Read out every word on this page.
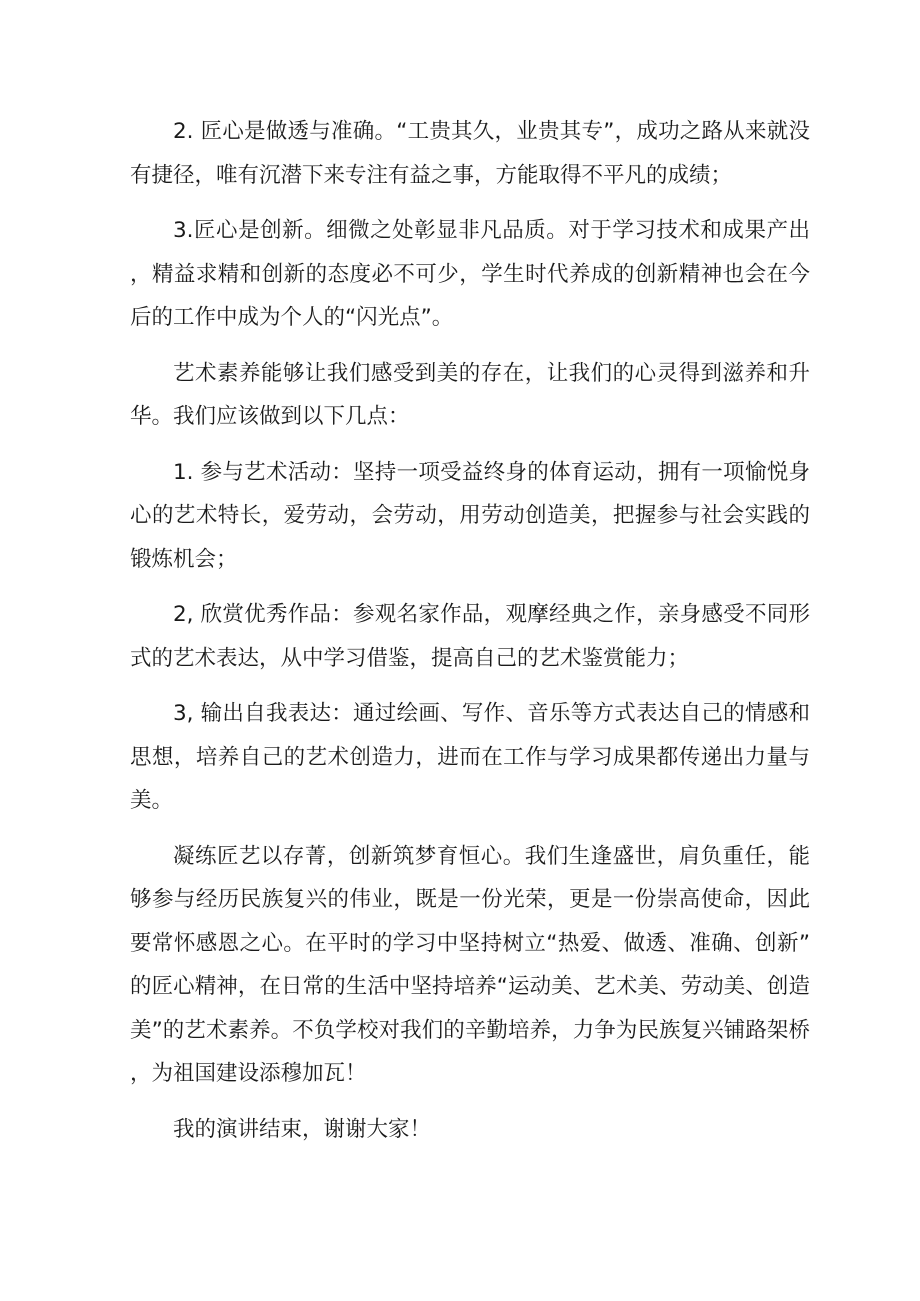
2. 匠心是做透与准确。“工贵其久，业贵其专”，成功之路从来就没有捷径，唯有沉潜下来专注有益之事，方能取得不平凡的成绩；

3.匠心是创新。细微之处彰显非凡品质。对于学习技术和成果产出，精益求精和创新的态度必不可少，学生时代养成的创新精神也会在今后的工作中成为个人的“闪光点”。

艺术素养能够让我们感受到美的存在，让我们的心灵得到滋养和升华。我们应该做到以下几点：

1. 参与艺术活动：坚持一项受益终身的体育运动，拥有一项愉悦身心的艺术特长，爱劳动，会劳动，用劳动创造美，把握参与社会实践的锻炼机会；

2, 欣赏优秀作品：参观名家作品，观摩经典之作，亲身感受不同形式的艺术表达，从中学习借鉴，提高自己的艺术鉴赏能力；

3, 输出自我表达：通过绘画、写作、音乐等方式表达自己的情感和思想，培养自己的艺术创造力，进而在工作与学习成果都传递出力量与美。

凝练匠艺以存菁，创新筑梦育恒心。我们生逢盛世，肩负重任，能够参与经历民族复兴的伟业，既是一份光荣，更是一份崇高使命，因此要常怀感恩之心。在平时的学习中坚持树立“热爱、做透、准确、创新”的匠心精神，在日常的生活中坚持培养“运动美、艺术美、劳动美、创造美”的艺术素养。不负学校对我们的辛勤培养，力争为民族复兴铺路架桥，为祖国建设添穆加瓦！

我的演讲结束，谢谢大家！
